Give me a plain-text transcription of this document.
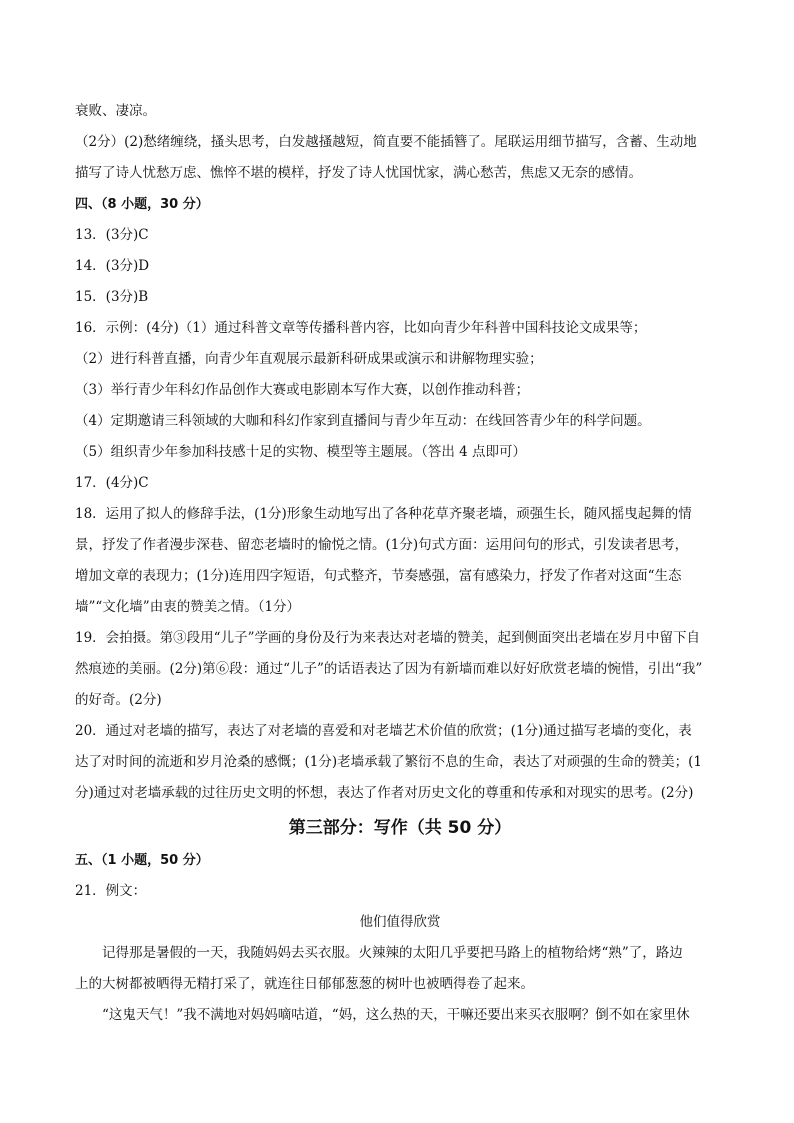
衰败、凄凉。
（2分）(2)愁绪缠绕，搔头思考，白发越搔越短，简直要不能插簪了。尾联运用细节描写，含蓄、生动地
描写了诗人忧愁万虑、憔悴不堪的模样，抒发了诗人忧国忧家，满心愁苦，焦虑又无奈的感情。
四、（8 小题，30 分）
13．(3分)C
14．(3分)D
15．(3分)B
16．示例：(4分)（1）通过科普文章等传播科普内容，比如向青少年科普中国科技论文成果等；
（2）进行科普直播，向青少年直观展示最新科研成果或演示和讲解物理实验；
（3）举行青少年科幻作品创作大赛或电影剧本写作大赛，以创作推动科普；
（4）定期邀请三科领域的大咖和科幻作家到直播间与青少年互动：在线回答青少年的科学问题。
（5）组织青少年参加科技感十足的实物、模型等主题展。（答出 4 点即可）
17．(4分)C
18．运用了拟人的修辞手法，(1分)形象生动地写出了各种花草齐聚老墙，顽强生长，随风摇曳起舞的情
景，抒发了作者漫步深巷、留恋老墙时的愉悦之情。(1分)句式方面：运用问句的形式，引发读者思考，
增加文章的表现力；(1分)连用四字短语，句式整齐，节奏感强，富有感染力，抒发了作者对这面“生态
墙”“文化墙”由衷的赞美之情。（1分）
19．会拍摄。第③段用“儿子”学画的身份及行为来表达对老墙的赞美，起到侧面突出老墙在岁月中留下自
然痕迹的美丽。(2分)第⑥段：通过“儿子”的话语表达了因为有新墙而难以好好欣赏老墙的惋惜，引出“我”
的好奇。(2分)
20．通过对老墙的描写，表达了对老墙的喜爱和对老墙艺术价值的欣赏；(1分)通过描写老墙的变化，表
达了对时间的流逝和岁月沧桑的感慨；(1分)老墙承载了繁衍不息的生命，表达了对顽强的生命的赞美；(1
分)通过对老墙承载的过往历史文明的怀想，表达了作者对历史文化的尊重和传承和对现实的思考。(2分)
第三部分：写作（共 50 分）
五、（1 小题，50 分）
21．例文：
他们值得欣赏
记得那是暑假的一天，我随妈妈去买衣服。火辣辣的太阳几乎要把马路上的植物给烤“熟”了，路边
上的大树都被晒得无精打采了，就连往日郁郁葱葱的树叶也被晒得卷了起来。
“这鬼天气！”我不满地对妈妈嘀咕道，“妈，这么热的天，干嘛还要出来买衣服啊？倒不如在家里休
